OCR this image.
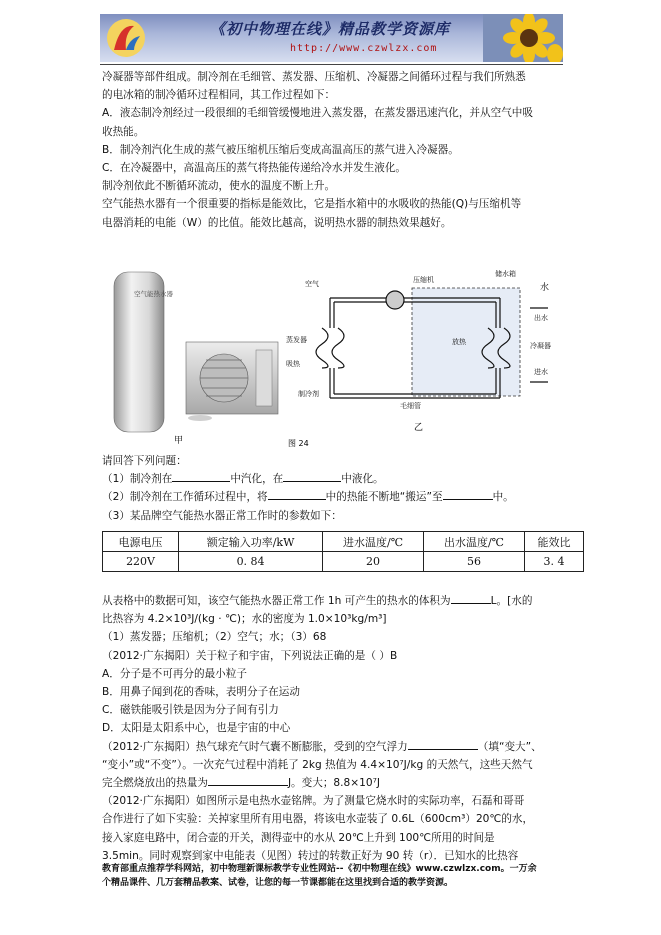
《初中物理在线》精品教学资源库
http://www.czwlzx.com

冷凝器等部件组成。制冷剂在毛细管、蒸发器、压缩机、冷凝器之间循环过程与我们所熟悉

的电冰箱的制冷循环过程相同，其工作过程如下：

A．液态制冷剂经过一段很细的毛细管缓慢地进入蒸发器，在蒸发器迅速汽化，并从空气中吸

收热能。

B．制冷剂汽化生成的蒸气被压缩机压缩后变成高温高压的蒸气进入冷凝器。

C．在冷凝器中，高温高压的蒸气将热能传递给冷水并发生液化。

制冷剂依此不断循环流动，使水的温度不断上升。

空气能热水器有一个很重要的指标是能效比，它是指水箱中的水吸收的热能(Q)与压缩机等

电器消耗的电能（W）的比值。能效比越高，说明热水器的制热效果越好。

空气能热水器
甲
空气	压缩机
储水箱
水
出水
蒸发器	放热	冷凝器
吸热
进水
制冷剂
毛细管
乙
图 24

请回答下列问题：

（1）制冷剂在	中汽化，在	中液化。

（2）制冷剂在工作循环过程中，将	中的热能不断地“搬运”至	中。

（3）某品牌空气能热水器正常工作时的参数如下：

电源电压	额定输入功率/kW	进水温度/℃	出水温度/℃	能效比
220V	0. 84	20	56	3. 4

从表格中的数据可知，该空气能热水器正常工作 1h 可产生的热水的体积为	L。[水的

比热容为 4.2×10³J/(kg · ℃)；水的密度为 1.0×10³kg/m³]

（1）蒸发器；压缩机；（2）空气；水；（3）68

（2012·广东揭阳）关于粒子和宇宙，下列说法正确的是（ ）B

A．分子是不可再分的最小粒子

B．用鼻子闻到花的香味，表明分子在运动

C．磁铁能吸引铁是因为分子间有引力

D．太阳是太阳系中心，也是宇宙的中心

（2012·广东揭阳）热气球充气时气囊不断膨胀，受到的空气浮力	（填“变大”、

“变小”或“不变”）。一次充气过程中消耗了 2kg 热值为 4.4×10⁷J/kg 的天然气，这些天然气

完全燃烧放出的热量为	J。变大；8.8×10⁷J

（2012·广东揭阳）如图所示是电热水壶铭牌。为了测量它烧水时的实际功率，石磊和哥哥

合作进行了如下实验：关掉家里所有用电器，将该电水壶装了 0.6L（600cm³）20℃的水，

接入家庭电路中，闭合壶的开关，测得壶中的水从 20℃上升到 100℃所用的时间是

3.5min。同时观察到家中电能表（见图）转过的转数正好为 90 转（r）．已知水的比热容

教育部重点推荐学科网站，初中物理新课标教学专业性网站--《初中物理在线》www.czwlzx.com。一万余

个精品课件、几万套精品教案、试卷，让您的每一节课都能在这里找到合适的教学资源。
